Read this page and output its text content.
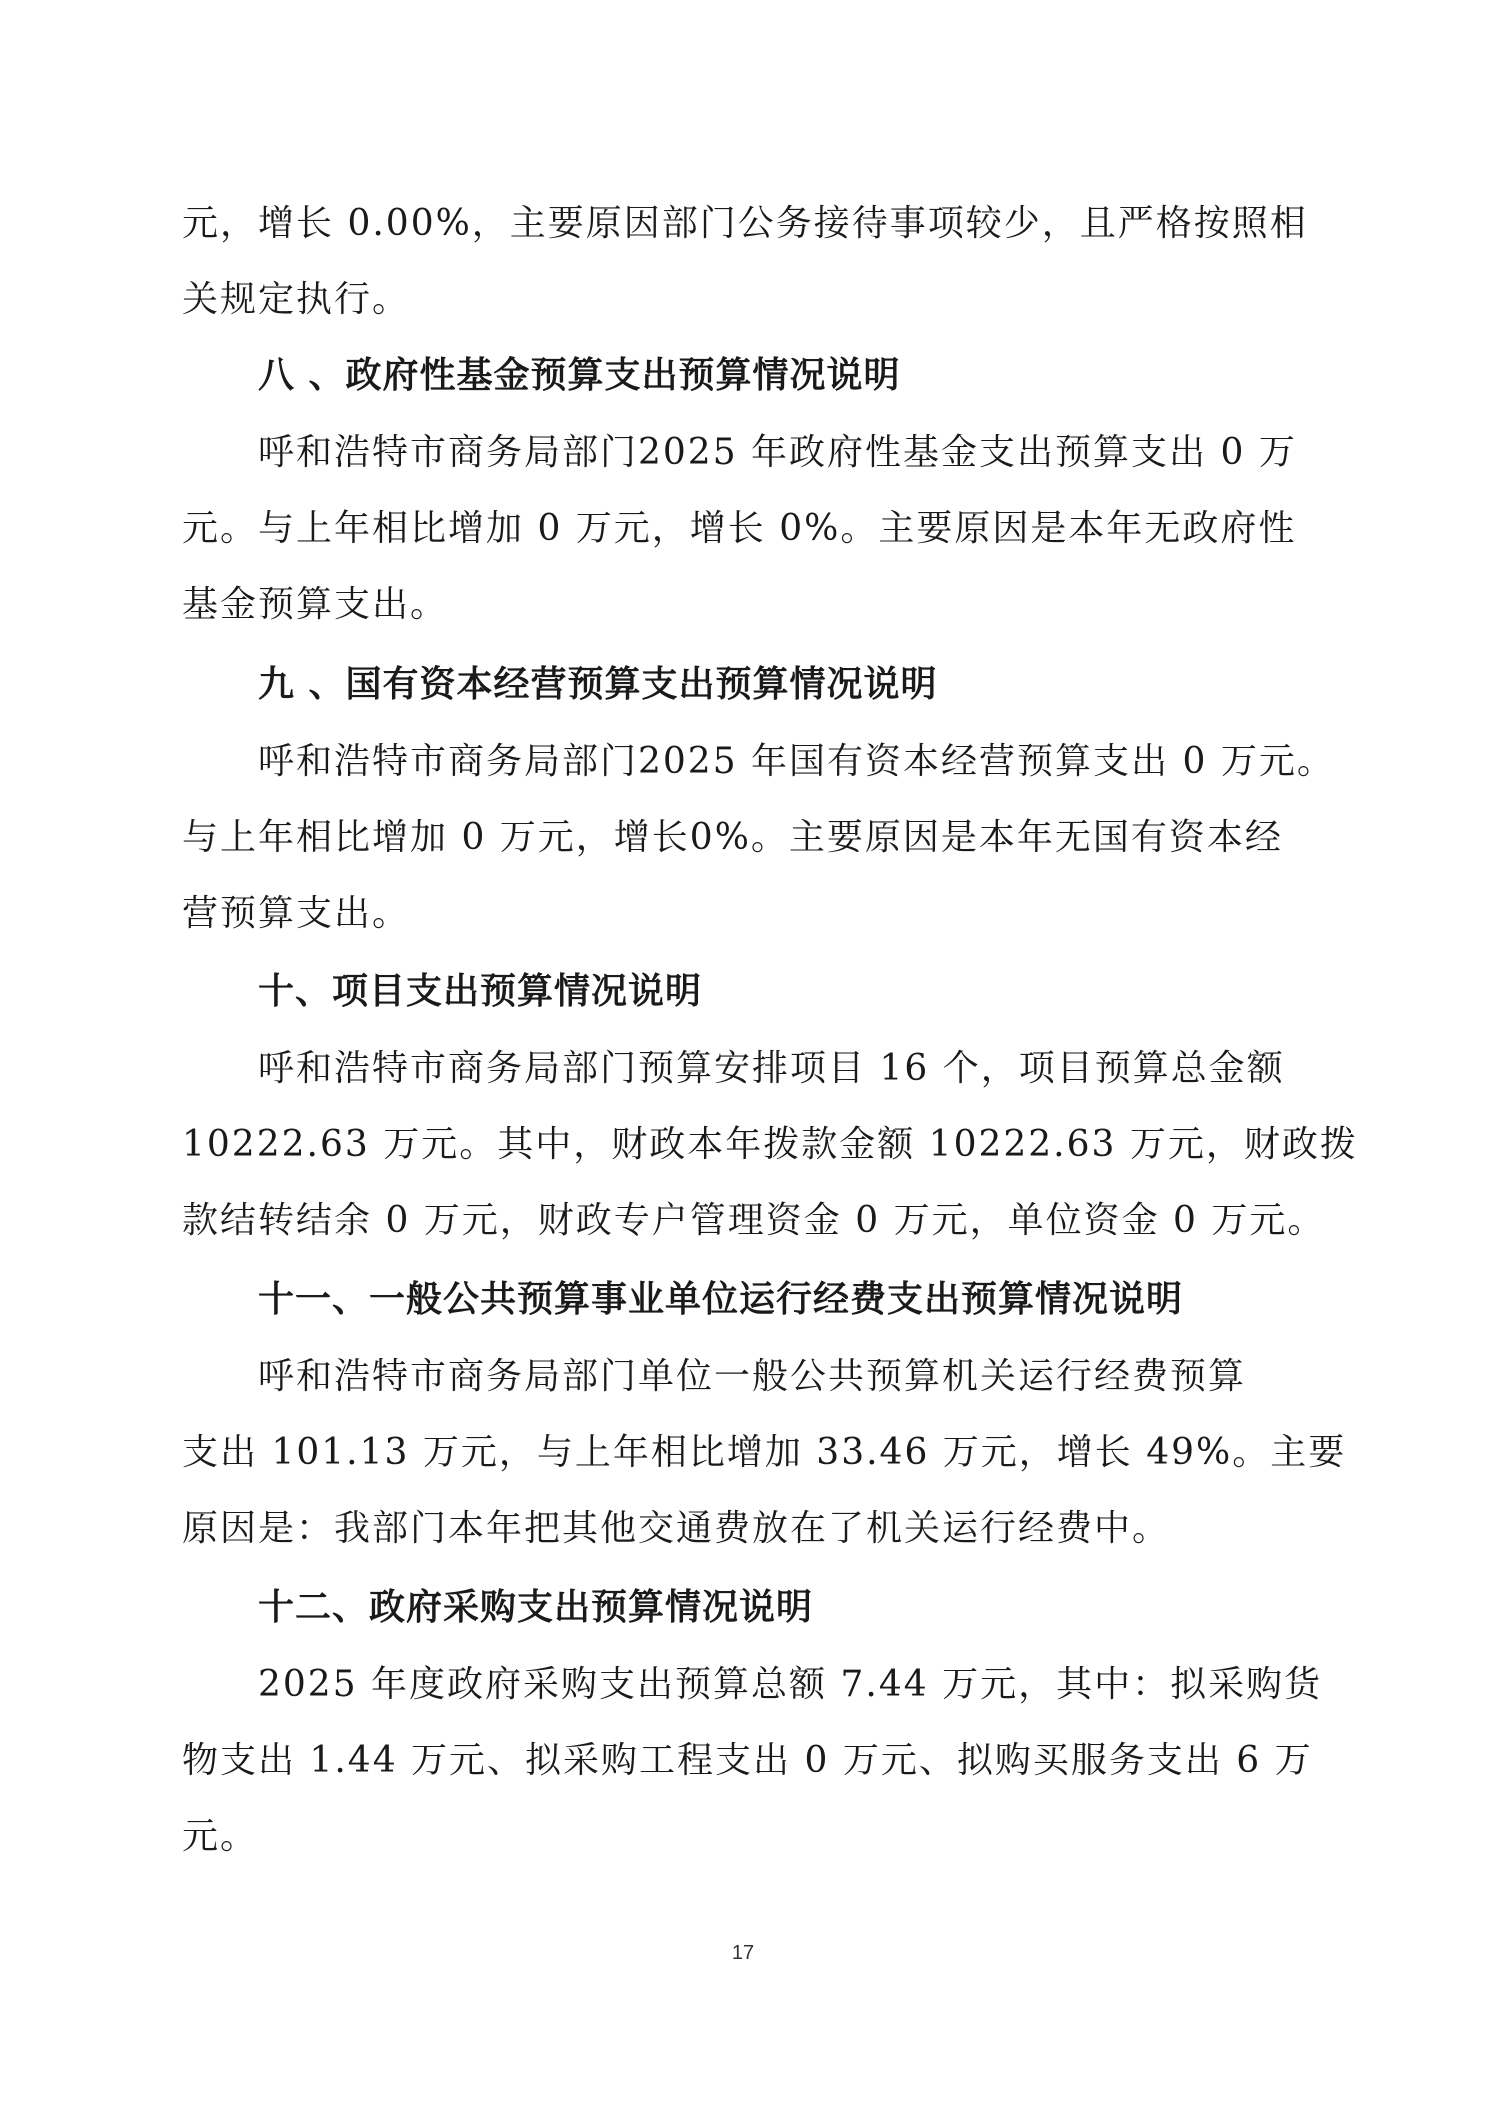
元，增长 0.00%，主要原因部门公务接待事项较少，且严格按照相
关规定执行。
八 、政府性基金预算支出预算情况说明
呼和浩特市商务局部门2025 年政府性基金支出预算支出 0 万
元。与上年相比增加 0 万元，增长 0%。主要原因是本年无政府性
基金预算支出。
九 、国有资本经营预算支出预算情况说明
呼和浩特市商务局部门2025 年国有资本经营预算支出 0 万元。
与上年相比增加 0 万元，增长0%。主要原因是本年无国有资本经
营预算支出。
十、项目支出预算情况说明
呼和浩特市商务局部门预算安排项目 16 个，项目预算总金额
10222.63 万元。其中，财政本年拨款金额 10222.63 万元，财政拨
款结转结余 0 万元，财政专户管理资金 0 万元，单位资金 0 万元。
十一、一般公共预算事业单位运行经费支出预算情况说明
呼和浩特市商务局部门单位一般公共预算机关运行经费预算
支出 101.13 万元，与上年相比增加 33.46 万元，增长 49%。主要
原因是：我部门本年把其他交通费放在了机关运行经费中。
十二、政府采购支出预算情况说明
2025 年度政府采购支出预算总额 7.44 万元，其中：拟采购货
物支出 1.44 万元、拟采购工程支出 0 万元、拟购买服务支出 6 万
元。
17
